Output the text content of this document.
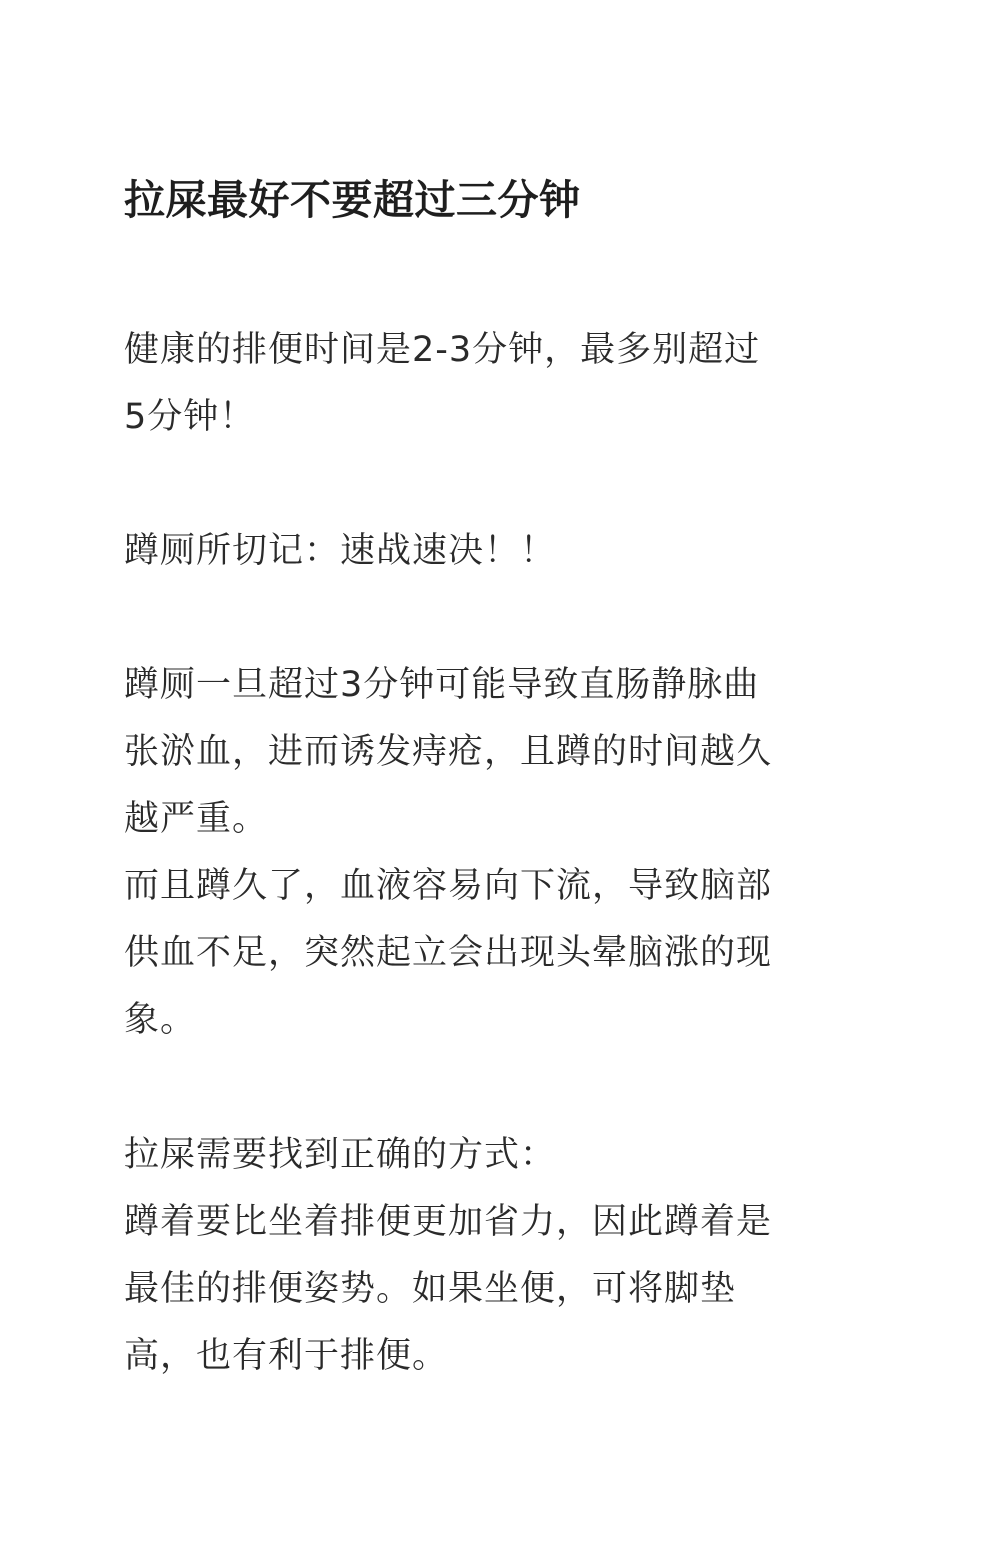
拉屎最好不要超过三分钟

健康的排便时间是2-3分钟，最多别超过
5分钟！

蹲厕所切记：速战速决！！

蹲厕一旦超过3分钟可能导致直肠静脉曲
张淤血，进而诱发痔疮，且蹲的时间越久
越严重。
而且蹲久了，血液容易向下流，导致脑部
供血不足，突然起立会出现头晕脑涨的现
象。

拉屎需要找到正确的方式：
蹲着要比坐着排便更加省力，因此蹲着是
最佳的排便姿势。如果坐便，可将脚垫
高，也有利于排便。
